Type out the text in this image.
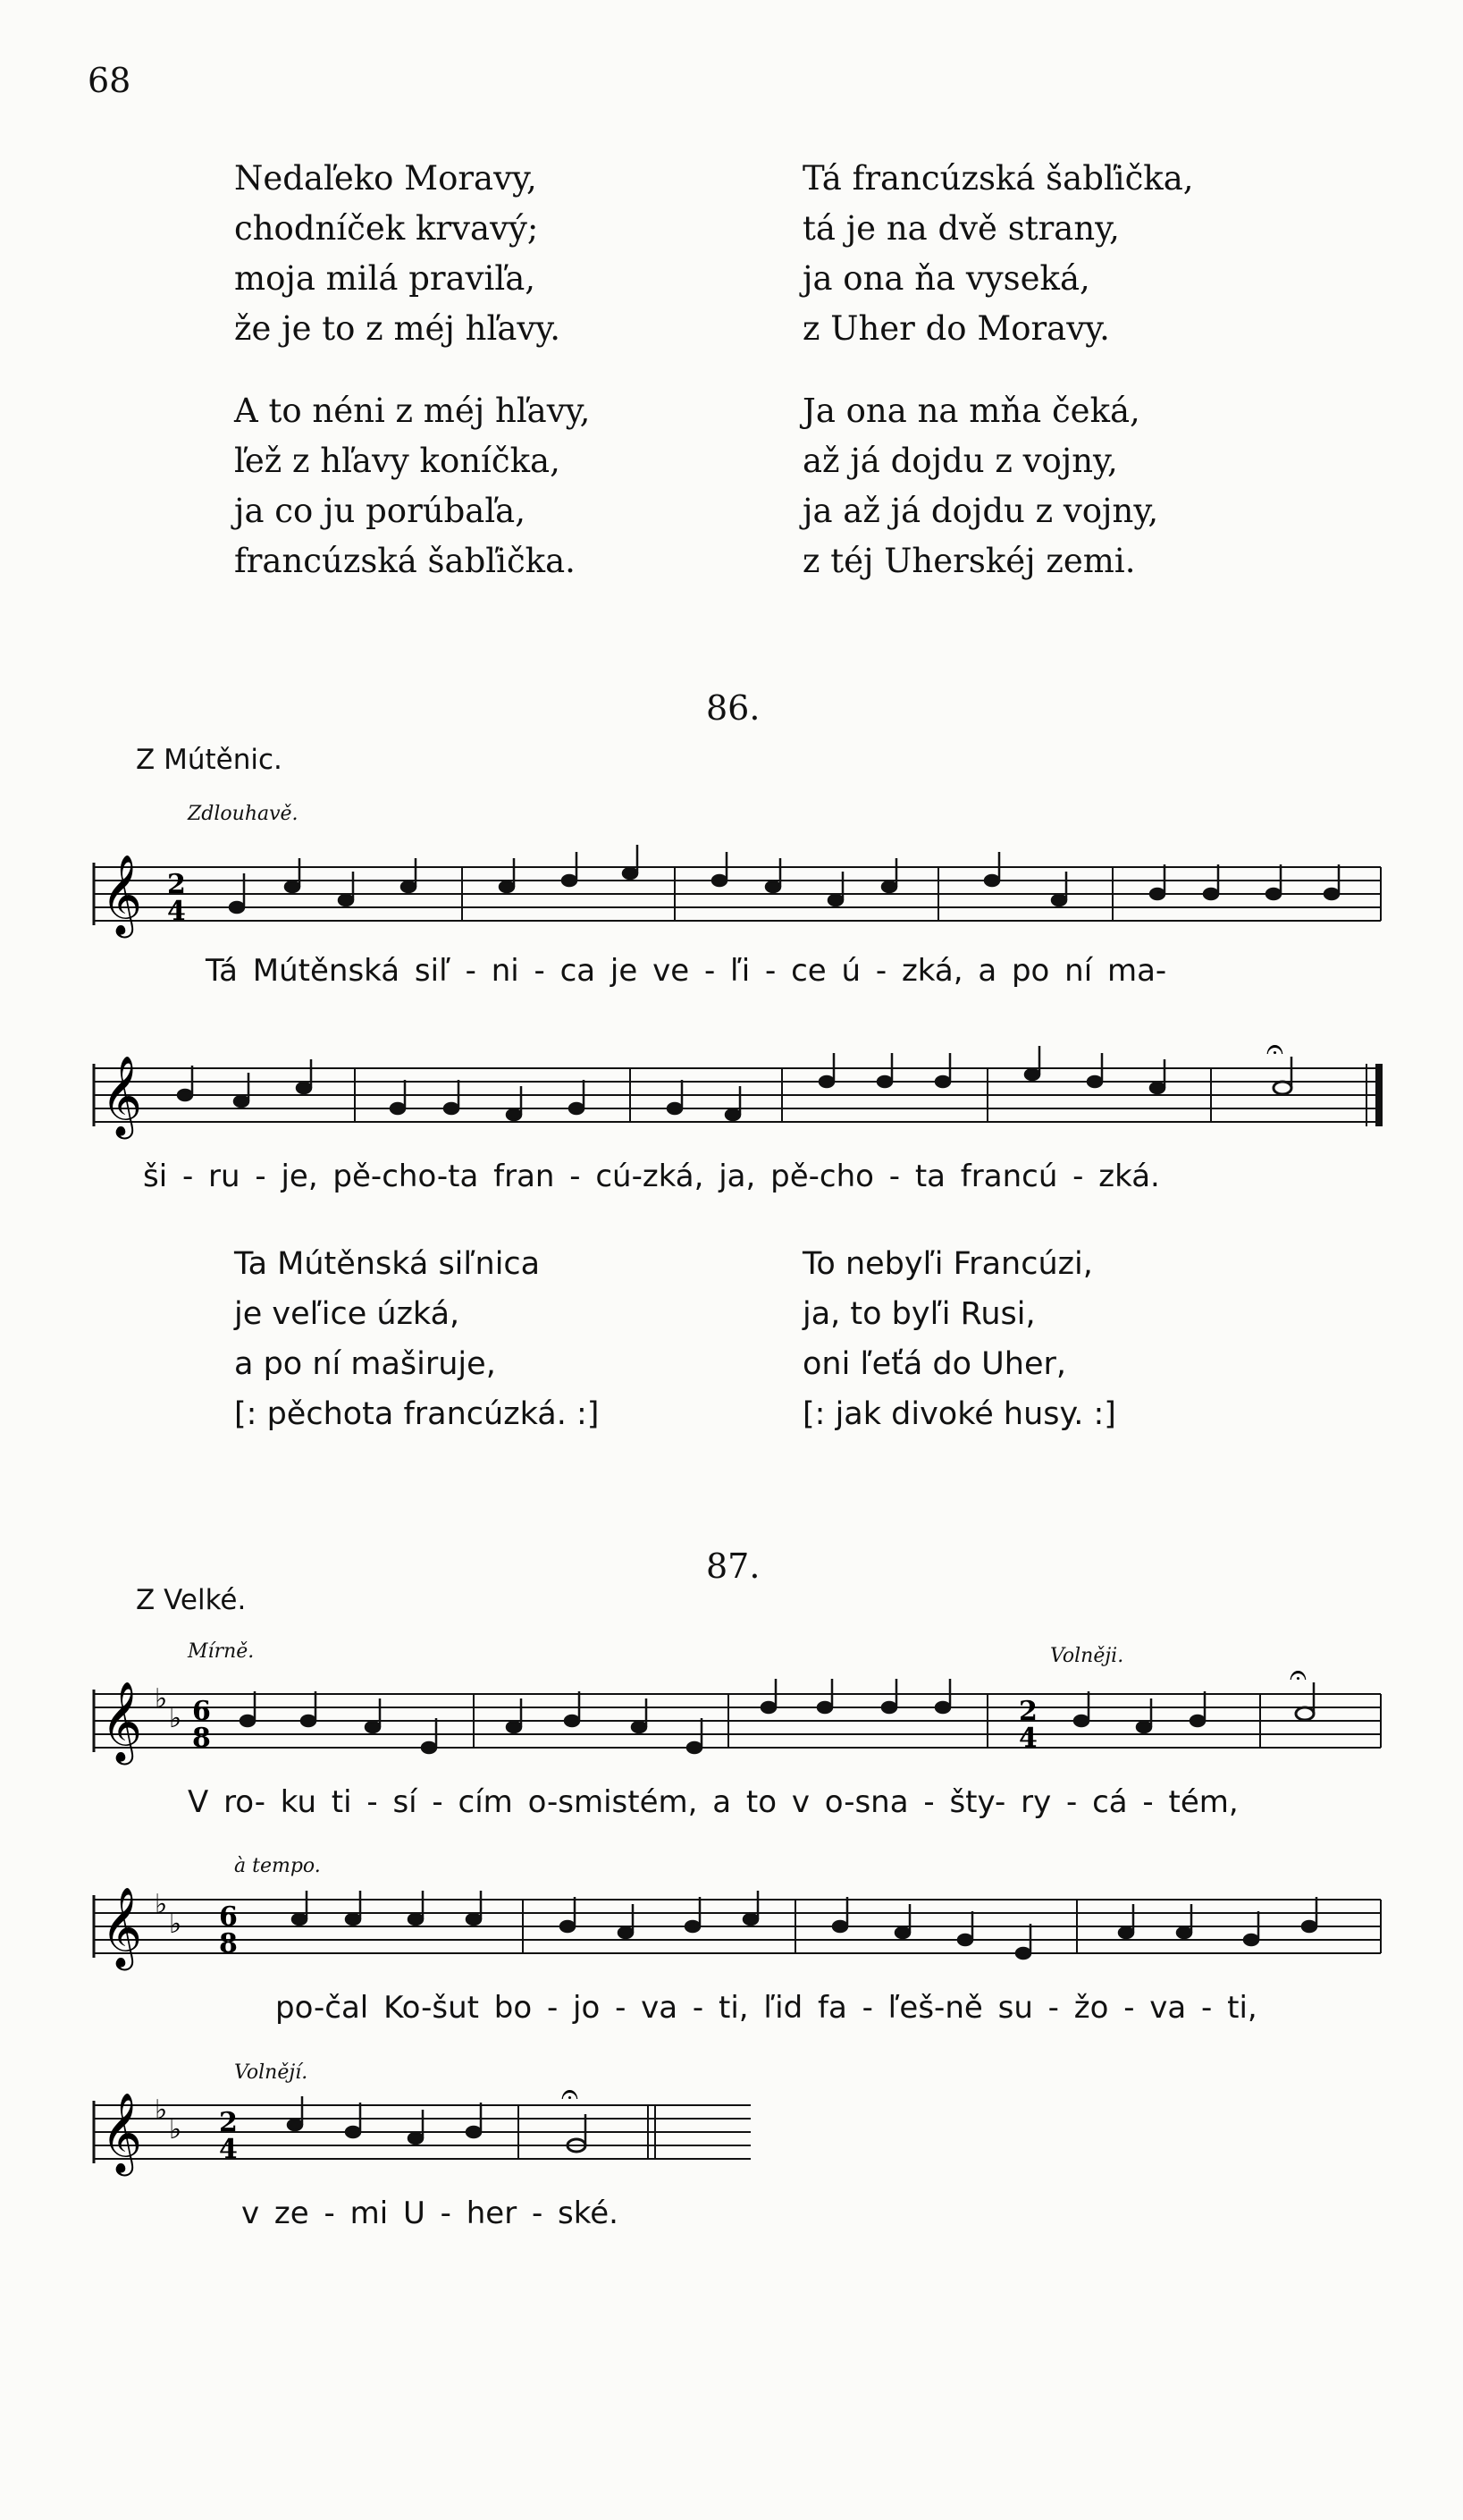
68
Nedaľeko Moravy,
chodníček krvavý;
moja milá praviľa,
že je to z méj hľavy.
A to néni z méj hľavy,
ľež z hľavy koníčka,
ja co ju porúbaľa,
francúzská šabľička.
Tá francúzská šabľička,
tá je na dvě strany,
ja ona ňa vyseká,
z Uher do Moravy.
Ja ona na mňa čeká,
až já dojdu z vojny,
ja až já dojdu z vojny,
z téj Uherskéj zemi.
86.
Z Mútěnic.
Zdlouhavě.
𝄞 2
4
Tá Mútěnská siľ - ni - ca je ve - ľi - ce ú - zká, a po ní ma-
𝄞
𝄐
ši - ru - je, pě-cho-ta fran - cú-zká, ja, pě-cho - ta francú - zká.
Ta Mútěnská siľnica
je veľice úzká,
a po ní maširuje,
[: pěchota francúzká. :]
To nebyľi Francúzi,
ja, to byľi Rusi,
oni ľeťá do Uher,
[: jak divoké husy. :]
87.
Z Velké.
Mírně.	Volněji.
𝄞 ♭
♭ 6
8
2
4
𝄐
V ro- ku ti - sí - cím o-smistém, a to v o-sna - šty- ry - cá - tém,
à tempo.
𝄞 ♭
♭ 6
8
po-čal Ko-šut bo - jo - va - ti, ľid fa - ľeš-ně su - žo - va - ti,
Volnějí.
𝄞 ♭
♭ 2
4
𝄐
v ze - mi U - her - ské.
